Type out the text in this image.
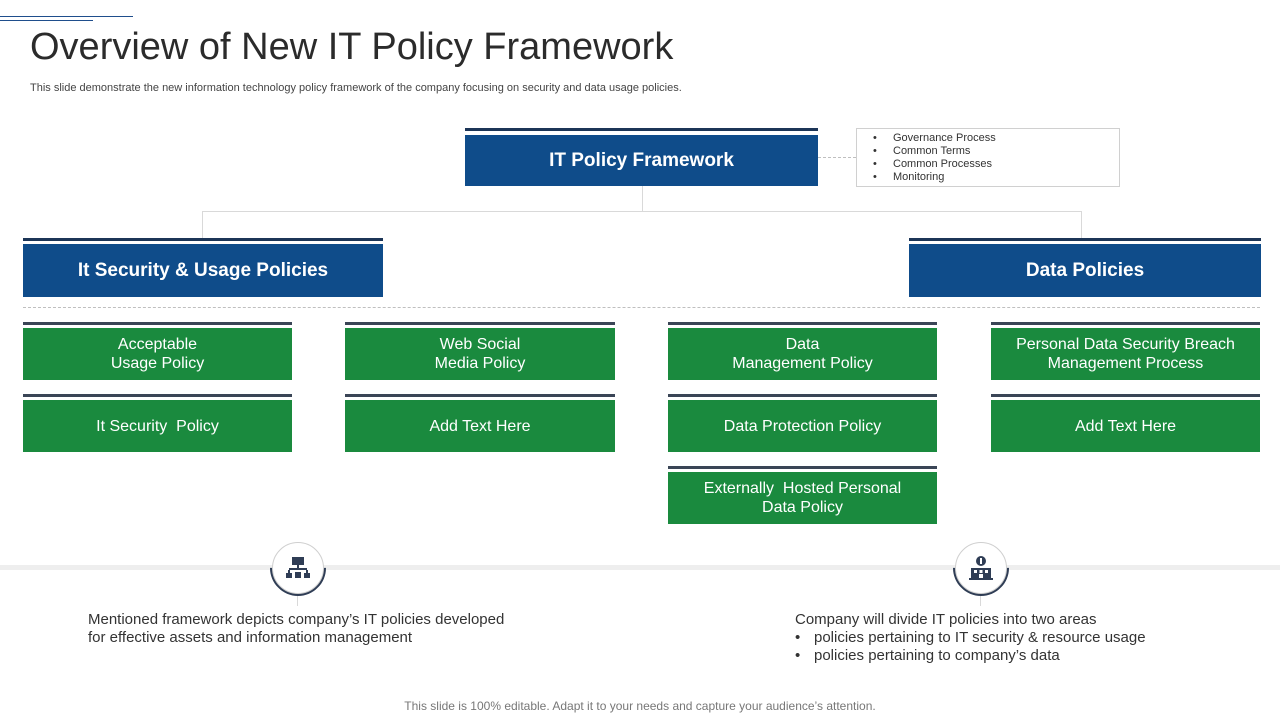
Overview of New IT Policy Framework
This slide demonstrate the new information technology policy framework of the company focusing on security and data usage policies.
IT Policy Framework
• Governance Process
• Common Terms
• Common Processes
• Monitoring
It Security & Usage Policies	Data Policies
Acceptable
Usage Policy
Web Social
Media Policy
Data
Management Policy
Personal Data Security Breach
Management Process
It Security  Policy	Add Text Here	Data Protection Policy	Add Text Here
Externally  Hosted Personal
Data Policy
Mentioned framework depicts company’s IT policies developed
for effective assets and information management
Company will divide IT policies into two areas
• policies pertaining to IT security & resource usage
• policies pertaining to company’s data
This slide is 100% editable. Adapt it to your needs and capture your audience’s attention.
